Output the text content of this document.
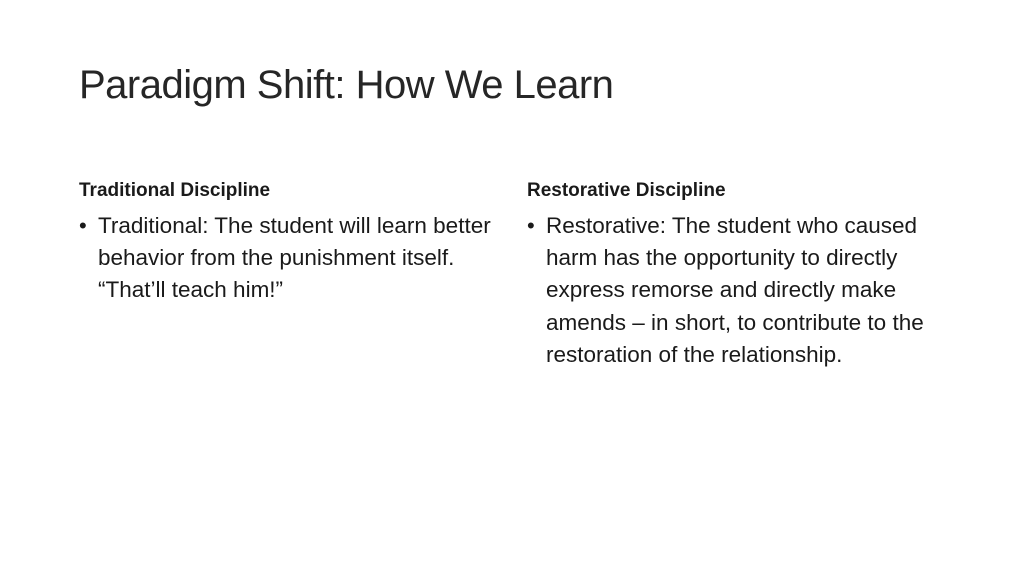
Paradigm Shift: How We Learn
Traditional Discipline
• Traditional: The student will learn better behavior from the punishment itself. “That’ll teach him!”
Restorative Discipline
• Restorative: The student who caused harm has the opportunity to directly express remorse and directly make amends – in short, to contribute to the restoration of the relationship.
